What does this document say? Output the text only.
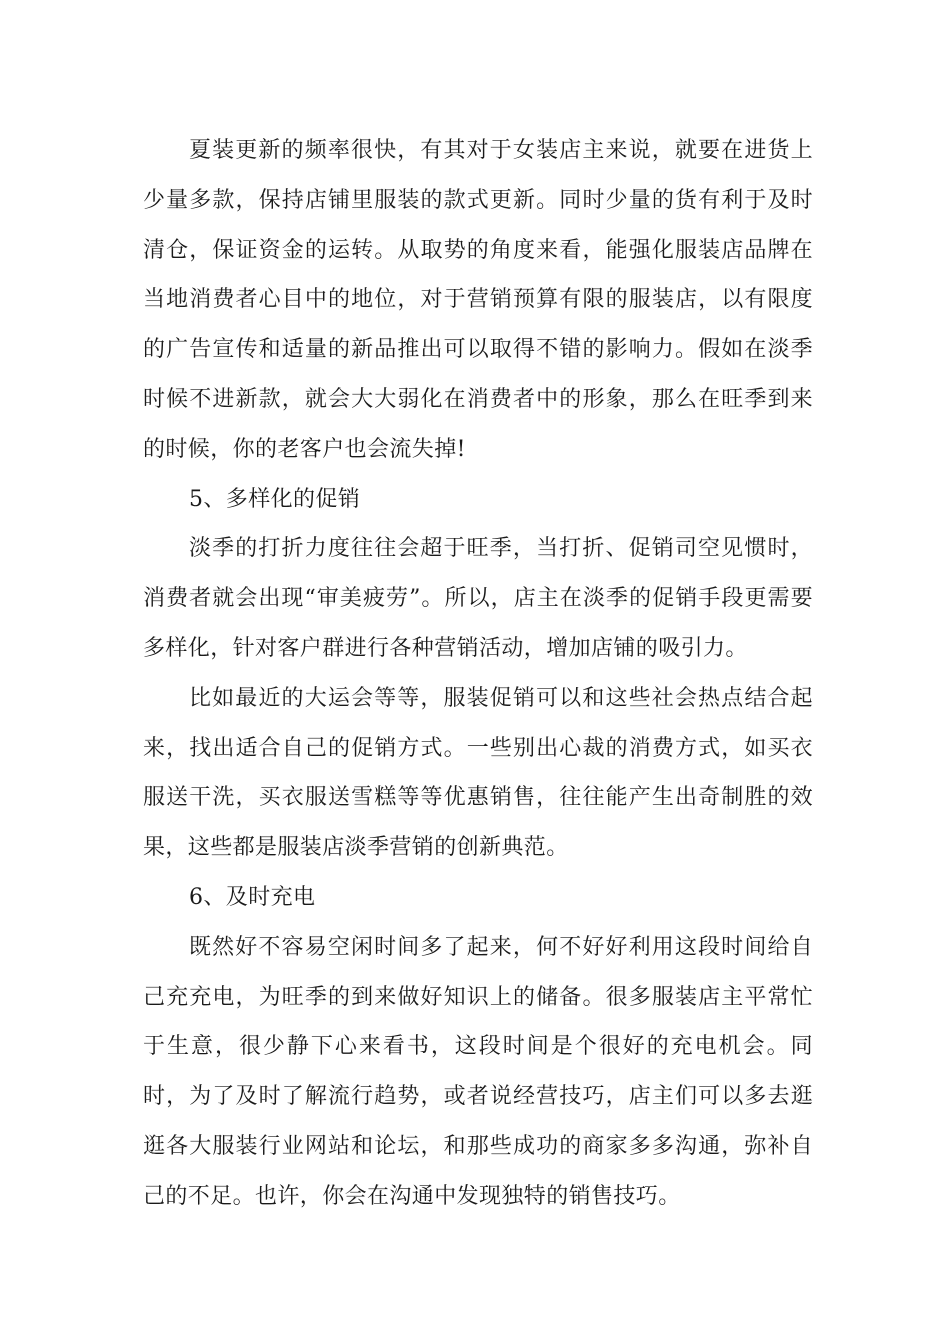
夏装更新的频率很快，有其对于女装店主来说，就要在进货上少量多款，保持店铺里服装的款式更新。同时少量的货有利于及时清仓，保证资金的运转。从取势的角度来看，能强化服装店品牌在当地消费者心目中的地位，对于营销预算有限的服装店，以有限度的广告宣传和适量的新品推出可以取得不错的影响力。假如在淡季时候不进新款，就会大大弱化在消费者中的形象，那么在旺季到来的时候，你的老客户也会流失掉!

5、多样化的促销

淡季的打折力度往往会超于旺季，当打折、促销司空见惯时，消费者就会出现“审美疲劳”。所以，店主在淡季的促销手段更需要多样化，针对客户群进行各种营销活动，增加店铺的吸引力。

比如最近的大运会等等，服装促销可以和这些社会热点结合起来，找出适合自己的促销方式。一些别出心裁的消费方式，如买衣服送干洗，买衣服送雪糕等等优惠销售，往往能产生出奇制胜的效果，这些都是服装店淡季营销的创新典范。

6、及时充电

既然好不容易空闲时间多了起来，何不好好利用这段时间给自己充充电，为旺季的到来做好知识上的储备。很多服装店主平常忙于生意，很少静下心来看书，这段时间是个很好的充电机会。同时，为了及时了解流行趋势，或者说经营技巧，店主们可以多去逛逛各大服装行业网站和论坛，和那些成功的商家多多沟通，弥补自己的不足。也许，你会在沟通中发现独特的销售技巧。
